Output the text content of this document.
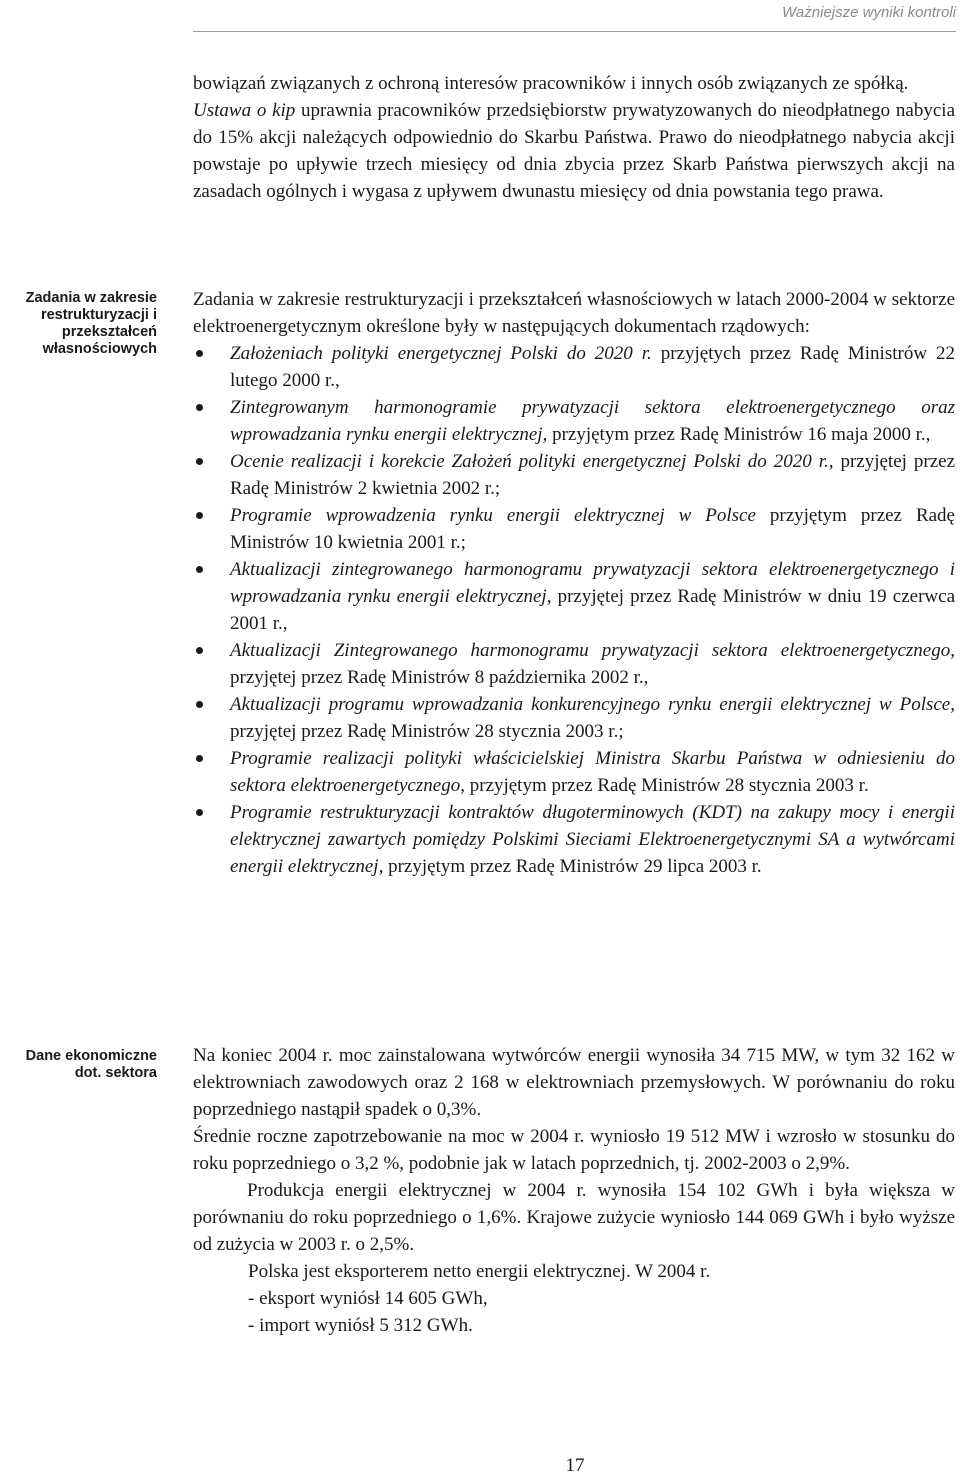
Ważniejsze wyniki kontroli
Zadania w zakresie
restrukturyzacji i
przekształceń
własnościowych
Dane ekonomiczne
dot. sektora

bowiązań związanych z ochroną interesów pracowników i innych osób związanych ze spółką.

Ustawa o kip uprawnia pracowników przedsiębiorstw prywatyzowanych do nieodpłatnego nabycia do 15% akcji należących odpowiednio do Skarbu Państwa. Prawo do nieodpłatnego nabycia akcji powstaje po upływie trzech miesięcy od dnia zbycia przez Skarb Państwa pierwszych akcji na zasadach ogólnych i wygasa z upływem dwunastu miesięcy od dnia powstania tego prawa.

Zadania w zakresie restrukturyzacji i przekształceń własnościowych w latach 2000-2004 w sektorze elektroenergetycznym określone były w następujących dokumentach rządowych:

Założeniach polityki energetycznej Polski do 2020 r. przyjętych przez Radę Ministrów 22 lutego 2000 r.,
Zintegrowanym harmonogramie prywatyzacji sektora elektroenergetycznego oraz wprowadzania rynku energii elektrycznej, przyjętym przez Radę Ministrów 16 maja 2000 r.,
Ocenie realizacji i korekcie Założeń polityki energetycznej Polski do 2020 r., przyjętej przez Radę Ministrów 2 kwietnia 2002 r.;
Programie wprowadzenia rynku energii elektrycznej w Polsce przyjętym przez Radę Ministrów 10 kwietnia 2001 r.;
Aktualizacji zintegrowanego harmonogramu prywatyzacji sektora elektroenergetycznego i wprowadzania rynku energii elektrycznej, przyjętej przez Radę Ministrów w dniu 19 czerwca 2001 r.,
Aktualizacji Zintegrowanego harmonogramu prywatyzacji sektora elektroenergetycznego, przyjętej przez Radę Ministrów 8 października 2002 r.,
Aktualizacji programu wprowadzania konkurencyjnego rynku energii elektrycznej w Polsce, przyjętej przez Radę Ministrów 28 stycznia 2003 r.;
Programie realizacji polityki właścicielskiej Ministra Skarbu Państwa w odniesieniu do sektora elektroenergetycznego, przyjętym przez Radę Ministrów 28 stycznia 2003 r.
Programie restrukturyzacji kontraktów długoterminowych (KDT) na zakupy mocy i energii elektrycznej zawartych pomiędzy Polskimi Sieciami Elektroenergetycznymi SA a wytwórcami energii elektrycznej, przyjętym przez Radę Ministrów 29 lipca 2003 r.

Na koniec 2004 r. moc zainstalowana wytwórców energii wynosiła 34 715 MW, w tym 32 162 w elektrowniach zawodowych oraz 2 168 w elektrowniach przemysłowych. W porównaniu do roku poprzedniego nastąpił spadek o 0,3%.

Średnie roczne zapotrzebowanie na moc w 2004 r. wyniosło 19 512 MW i wzrosło w stosunku do roku poprzedniego o 3,2 %, podobnie jak w latach poprzednich, tj. 2002-2003 o 2,9%.

Produkcja energii elektrycznej w 2004 r. wynosiła 154 102 GWh i była większa w porównaniu do roku poprzedniego o 1,6%. Krajowe zużycie wyniosło 144 069 GWh i było wyższe od zużycia w 2003 r. o 2,5%.

Polska jest eksporterem netto energii elektrycznej. W 2004 r.

- eksport wyniósł 14 605 GWh,

- import wyniósł 5 312 GWh.

17
